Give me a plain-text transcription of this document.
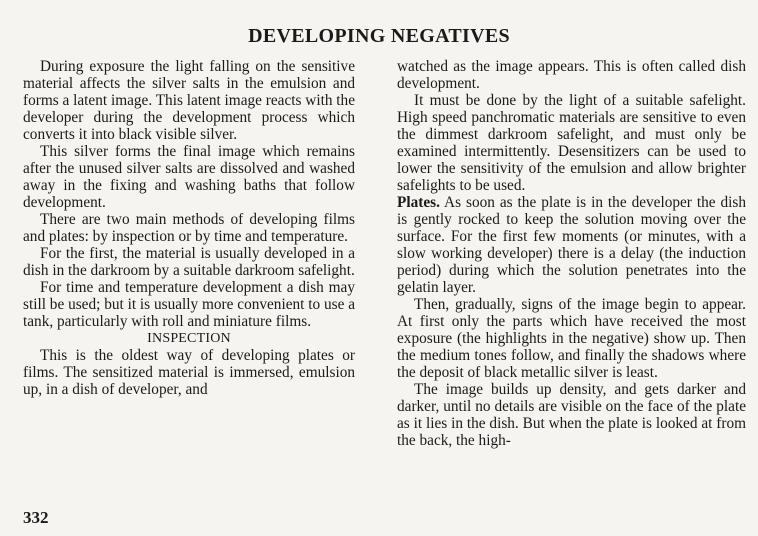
DEVELOPING NEGATIVES

During exposure the light falling on the sensitive material affects the silver salts in the emulsion and forms a latent image. This latent image reacts with the developer during the development process which converts it into black visible silver.

This silver forms the final image which remains after the unused silver salts are dissolved and washed away in the fixing and washing baths that follow development.

There are two main methods of developing films and plates: by inspection or by time and temperature.

For the first, the material is usually developed in a dish in the darkroom by a suitable darkroom safelight.

For time and temperature development a dish may still be used; but it is usually more convenient to use a tank, particularly with roll and miniature films.

INSPECTION

This is the oldest way of developing plates or films. The sensitized material is immersed, emulsion up, in a dish of developer, and

watched as the image appears. This is often called dish development.

It must be done by the light of a suitable safelight. High speed panchromatic materials are sensitive to even the dimmest darkroom safelight, and must only be examined intermittently. Desensitizers can be used to lower the sensitivity of the emulsion and allow brighter safelights to be used.

Plates. As soon as the plate is in the developer the dish is gently rocked to keep the solution moving over the surface. For the first few moments (or minutes, with a slow working developer) there is a delay (the induction period) during which the solution penetrates into the gelatin layer.

Then, gradually, signs of the image begin to appear. At first only the parts which have received the most exposure (the highlights in the negative) show up. Then the medium tones follow, and finally the shadows where the deposit of black metallic silver is least.

The image builds up density, and gets darker and darker, until no details are visible on the face of the plate as it lies in the dish. But when the plate is looked at from the back, the high-

332
